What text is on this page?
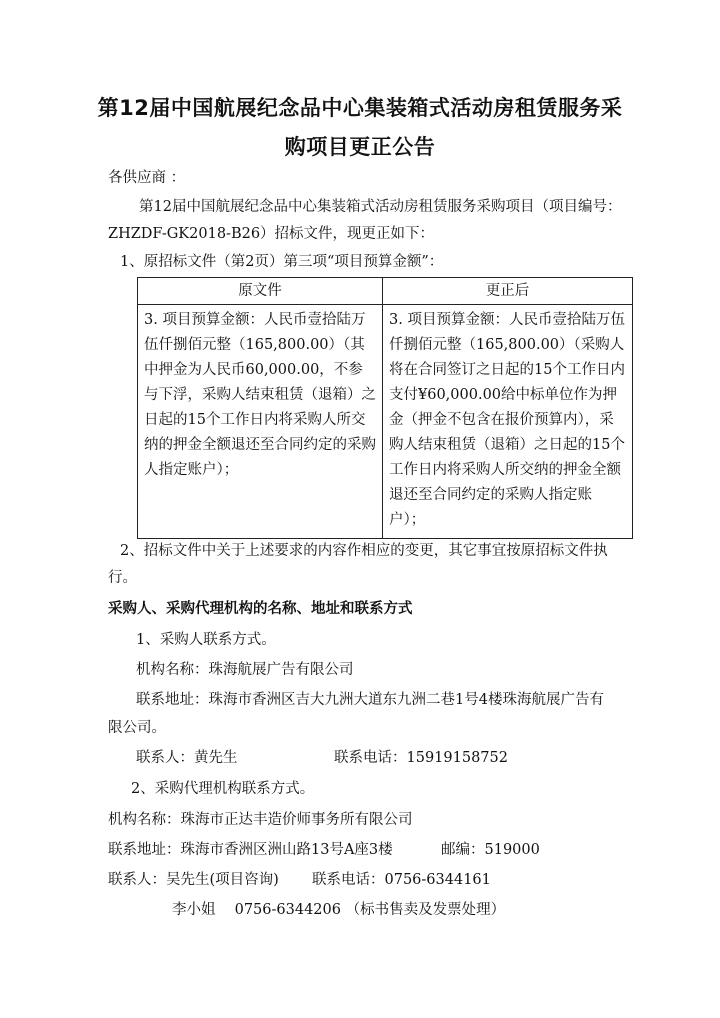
第12届中国航展纪念品中心集装箱式活动房租赁服务采
购项目更正公告
各供应商 ：
第12届中国航展纪念品中心集装箱式活动房租赁服务采购项目（项目编号：
ZHZDF-GK2018-B26）招标文件，现更正如下：
1、原招标文件（第2页）第三项“项目预算金额”：
原文件	更正后

3. 项目预算金额：人民币壹拾陆万伍仟捌佰元整（165,800.00）（其中押金为人民币60,000.00，不参与下浮，采购人结束租赁（退箱）之日起的15个工作日内将采购人所交纳的押金全额退还至合同约定的采购人指定账户）；	3. 项目预算金额：人民币壹拾陆万伍仟捌佰元整（165,800.00）（采购人将在合同签订之日起的15个工作日内支付¥60,000.00给中标单位作为押金（押金不包含在报价预算内），采购人结束租赁（退箱）之日起的15个工作日内将采购人所交纳的押金全额退还至合同约定的采购人指定账户）；
2、招标文件中关于上述要求的内容作相应的变更，其它事宜按原招标文件执
行。
采购人、采购代理机构的名称、地址和联系方式
1、采购人联系方式。
机构名称：珠海航展广告有限公司
联系地址：珠海市香洲区吉大九洲大道东九洲二巷1号4楼珠海航展广告有
限公司。
联系人：黄先生	联系电话：15919158752
2、采购代理机构联系方式。
机构名称：珠海市正达丰造价师事务所有限公司
联系地址：珠海市香洲区洲山路13号A座3楼	邮编：519000
联系人：吴先生(项目咨询) 联系电话：0756-6344161
李小姐　 0756-6344206 （标书售卖及发票处理）
